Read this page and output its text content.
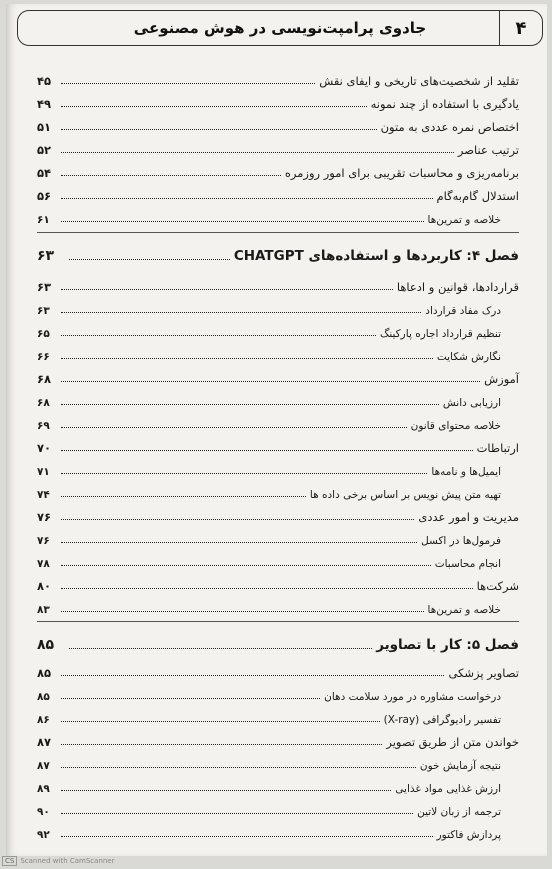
جادوی پرامپت‌نویسی در هوش مصنوعی	۴
تقلید از شخصیت‌های تاریخی و ایفای نقش
۴۵
یادگیری با استفاده از چند نمونه
۴۹
اختصاص نمره عددی به متون
۵۱
ترتیب عناصر
۵۲
برنامه‌ریزی و محاسبات تقریبی برای امور روزمره
۵۴
استدلال گام‌به‌گام
۵۶
خلاصه و تمرین‌ها
۶۱
فصل ۴: کاربردها و استفاده‌های CHATGPT
۶۳
قراردادها، قوانین و ادعاها
۶۳
درک مفاد قرارداد
۶۳
تنظیم قرارداد اجاره پارکینگ
۶۵
نگارش شکایت
۶۶
آموزش
۶۸
ارزیابی دانش
۶۸
خلاصه محتوای قانون
۶۹
ارتباطات
۷۰
ایمیل‌ها و نامه‌ها
۷۱
تهیه متن پیش نویس بر اساس برخی داده ها
۷۴
مدیریت و امور عددی
۷۶
فرمول‌ها در اکسل
۷۶
انجام محاسبات
۷۸
شرکت‌ها
۸۰
خلاصه و تمرین‌ها
۸۳
فصل ۵: کار با تصاویر
۸۵
تصاویر پزشکی
۸۵
درخواست مشاوره در مورد سلامت دهان
۸۵
تفسیر رادیوگرافی (X-ray)
۸۶
خواندن متن از طریق تصویر
۸۷
نتیجه آزمایش خون
۸۷
ارزش غذایی مواد غذایی
۸۹
ترجمه از زبان لاتین
۹۰
پردازش فاکتور
۹۲
CS Scanned with CamScanner
